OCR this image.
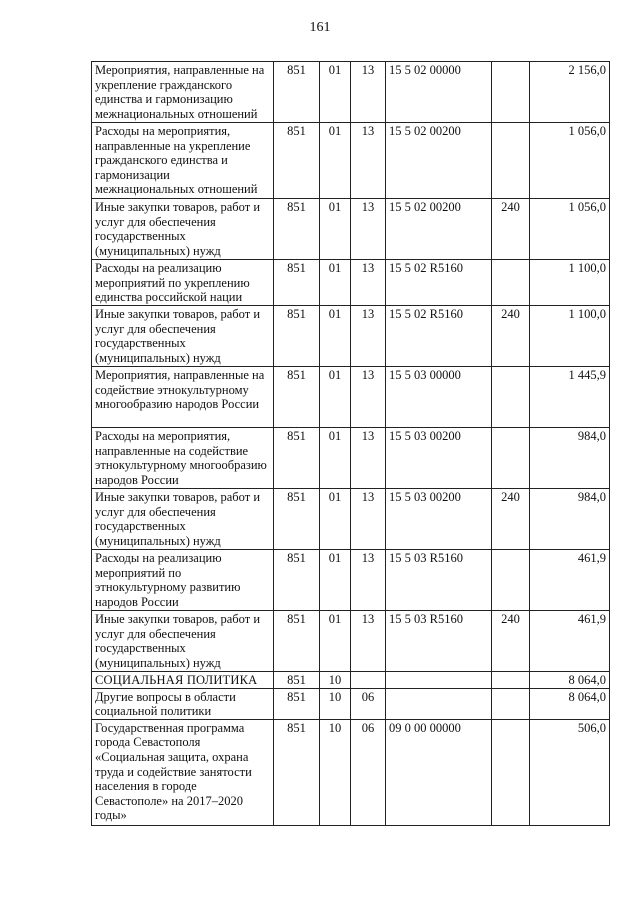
161
Мероприятия, направленные на укрепление гражданского единства и гармонизацию межнациональных отношений	851	01	13	15 5 02 00000		2 156,0
Расходы на мероприятия, направленные на укрепление гражданского единства и гармонизации межнациональных отношений	851	01	13	15 5 02 00200		1 056,0
Иные закупки товаров, работ и услуг для обеспечения государственных (муниципальных) нужд	851	01	13	15 5 02 00200	240	1 056,0
Расходы на реализацию мероприятий по укреплению единства российской нации	851	01	13	15 5 02 R5160		1 100,0
Иные закупки товаров, работ и услуг для обеспечения государственных (муниципальных) нужд	851	01	13	15 5 02 R5160	240	1 100,0
Мероприятия, направленные на содействие этнокультурному многообразию народов России	851	01	13	15 5 03 00000		1 445,9
Расходы на мероприятия, направленные на содействие этнокультурному многообразию народов России	851	01	13	15 5 03 00200		984,0
Иные закупки товаров, работ и услуг для обеспечения государственных (муниципальных) нужд	851	01	13	15 5 03 00200	240	984,0
Расходы на реализацию мероприятий по этнокультурному развитию народов России	851	01	13	15 5 03 R5160		461,9
Иные закупки товаров, работ и услуг для обеспечения государственных (муниципальных) нужд	851	01	13	15 5 03 R5160	240	461,9
СОЦИАЛЬНАЯ ПОЛИТИКА	851	10				8 064,0
Другие вопросы в области социальной политики	851	10	06			8 064,0
Государственная программа города Севастополя «Социальная защита, охрана труда и содействие занятости населения в городе Севастополе» на 2017–2020 годы»	851	10	06	09 0 00 00000		506,0
